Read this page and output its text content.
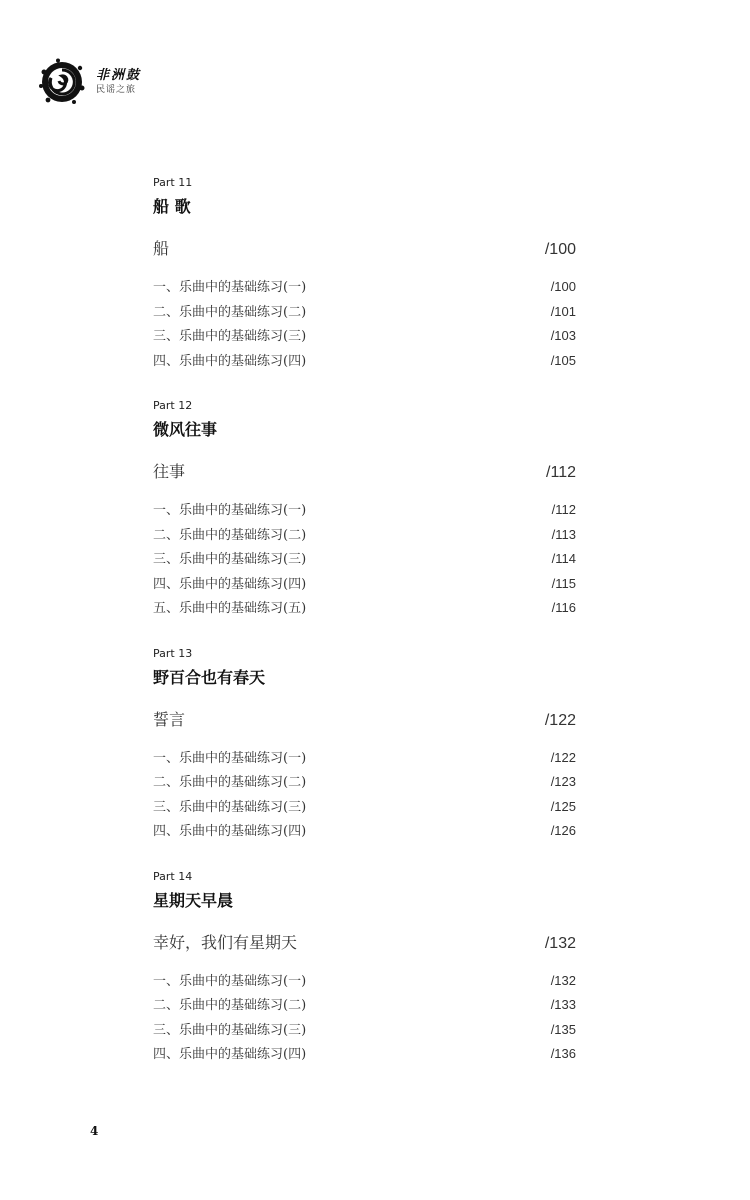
非洲鼓
民谣之旅
Part 11
船 歌
船	/100
一、乐曲中的基础练习(一)	/100
二、乐曲中的基础练习(二)	/101
三、乐曲中的基础练习(三)	/103
四、乐曲中的基础练习(四)	/105
Part 12
微风往事
往事	/112
一、乐曲中的基础练习(一)	/112
二、乐曲中的基础练习(二)	/113
三、乐曲中的基础练习(三)	/114
四、乐曲中的基础练习(四)	/115
五、乐曲中的基础练习(五)	/116
Part 13
野百合也有春天
誓言	/122
一、乐曲中的基础练习(一)	/122
二、乐曲中的基础练习(二)	/123
三、乐曲中的基础练习(三)	/125
四、乐曲中的基础练习(四)	/126
Part 14
星期天早晨
幸好，我们有星期天	/132
一、乐曲中的基础练习(一)	/132
二、乐曲中的基础练习(二)	/133
三、乐曲中的基础练习(三)	/135
四、乐曲中的基础练习(四)	/136
4
